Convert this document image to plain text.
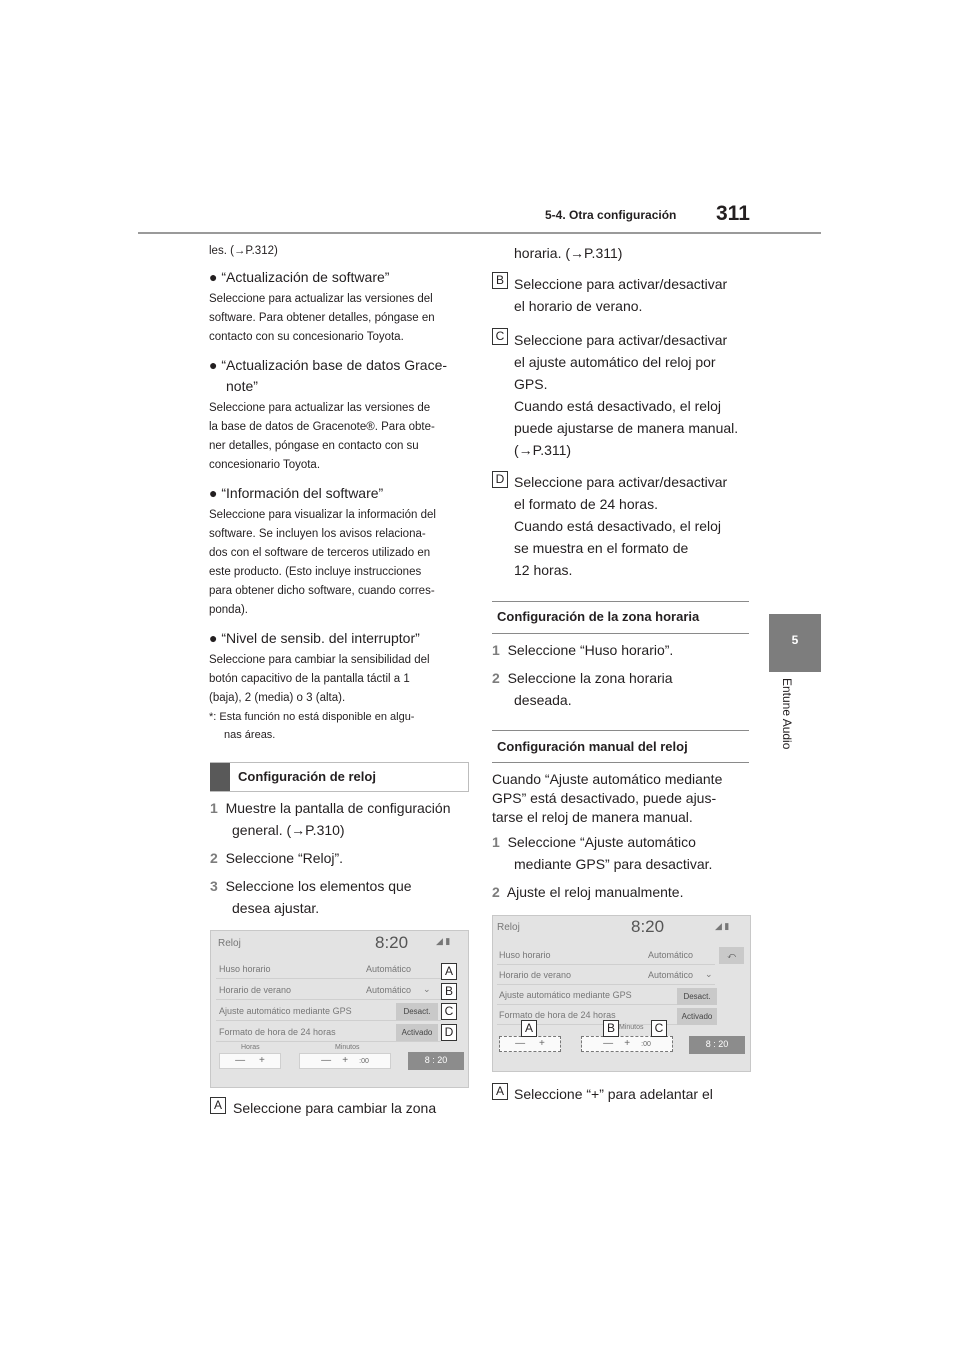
5-4. Otra configuración 311
5
Entune Audio
les. (→P.312)
● “Actualización de software”
Seleccione para actualizar las versiones del
software. Para obtener detalles, póngase en
contacto con su concesionario Toyota.
● “Actualización base de datos Grace-
note”
Seleccione para actualizar las versiones de
la base de datos de Gracenote®. Para obte-
ner detalles, póngase en contacto con su
concesionario Toyota.
● “Información del software”
Seleccione para visualizar la información del
software. Se incluyen los avisos relaciona-
dos con el software de terceros utilizado en
este producto. (Esto incluye instrucciones
para obtener dicho software, cuando corres-
ponda).
● “Nivel de sensib. del interruptor”
Seleccione para cambiar la sensibilidad del
botón capacitivo de la pantalla táctil a 1
(baja), 2 (media) o 3 (alta).
*: Esta función no está disponible en algu-
nas áreas.
Configuración de reloj
1 Muestre la pantalla de configuración
general. (→P.310)
2 Seleccione “Reloj”.
3 Seleccione los elementos que
desea ajustar.
Reloj	8:20	◢ ▮
Huso horario	Automático
Horario de verano	Automático ⌄
Ajuste automático mediante GPS	Desact.
Formato de hora de 24 horas	Activado
Horas	Minutos
— +	— + :00	8 : 20
A
B
C
D
A Seleccione para cambiar la zona
horaria. (→P.311)
B Seleccione para activar/desactivar
el horario de verano.
C Seleccione para activar/desactivar
el ajuste automático del reloj por
GPS.
Cuando está desactivado, el reloj
puede ajustarse de manera manual.
(→P.311)
D Seleccione para activar/desactivar
el formato de 24 horas.
Cuando está desactivado, el reloj
se muestra en el formato de
12 horas.
Configuración de la zona horaria
1 Seleccione “Huso horario”.
2 Seleccione la zona horaria
deseada.
Configuración manual del reloj
Cuando “Ajuste automático mediante
GPS” está desactivado, puede ajus-
tarse el reloj de manera manual.
1 Seleccione “Ajuste automático
mediante GPS” para desactivar.
2 Ajuste el reloj manualmente.
Reloj	8:20	◢ ▮
⤺
Huso horario	Automático
Horario de verano	Automático ⌄
Ajuste automático mediante GPS	Desact.
Formato de hora de 24 horas	Activado
Minutos
— +	— + :00	8 : 20
A	B	C
A Seleccione “+” para adelantar el
